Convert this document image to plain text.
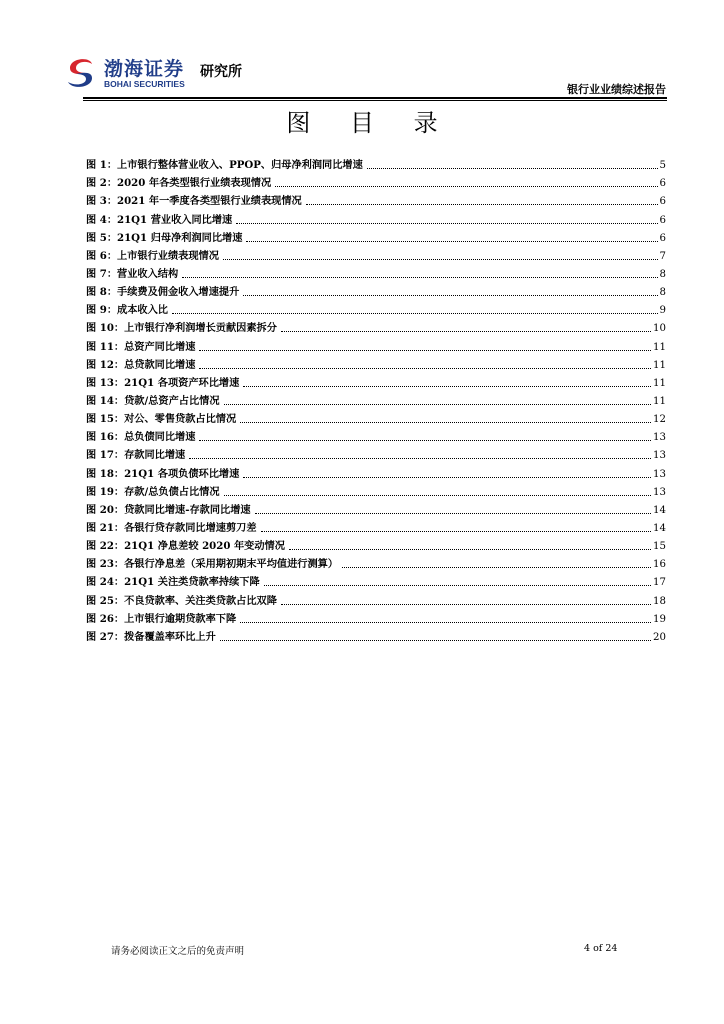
渤海证券
BOHAI SECURITIES
研究所
银行业业绩综述报告
图 目 录
图 1：上市银行整体营业收入、PPOP、归母净利润同比增速	5
图 2：2020 年各类型银行业绩表现情况	6
图 3：2021 年一季度各类型银行业绩表现情况	6
图 4：21Q1 营业收入同比增速	6
图 5：21Q1 归母净利润同比增速	6
图 6：上市银行业绩表现情况	7
图 7：营业收入结构	8
图 8：手续费及佣金收入增速提升	8
图 9：成本收入比	9
图 10：上市银行净利润增长贡献因素拆分	10
图 11：总资产同比增速	11
图 12：总贷款同比增速	11
图 13：21Q1 各项资产环比增速	11
图 14：贷款/总资产占比情况	11
图 15：对公、零售贷款占比情况	12
图 16：总负债同比增速	13
图 17：存款同比增速	13
图 18：21Q1 各项负债环比增速	13
图 19：存款/总负债占比情况	13
图 20：贷款同比增速-存款同比增速	14
图 21：各银行贷存款同比增速剪刀差	14
图 22：21Q1 净息差较 2020 年变动情况	15
图 23：各银行净息差（采用期初期末平均值进行测算）	16
图 24：21Q1 关注类贷款率持续下降	17
图 25：不良贷款率、关注类贷款占比双降	18
图 26：上市银行逾期贷款率下降	19
图 27：拨备覆盖率环比上升	20
请务必阅读正文之后的免责声明	4 of 24
